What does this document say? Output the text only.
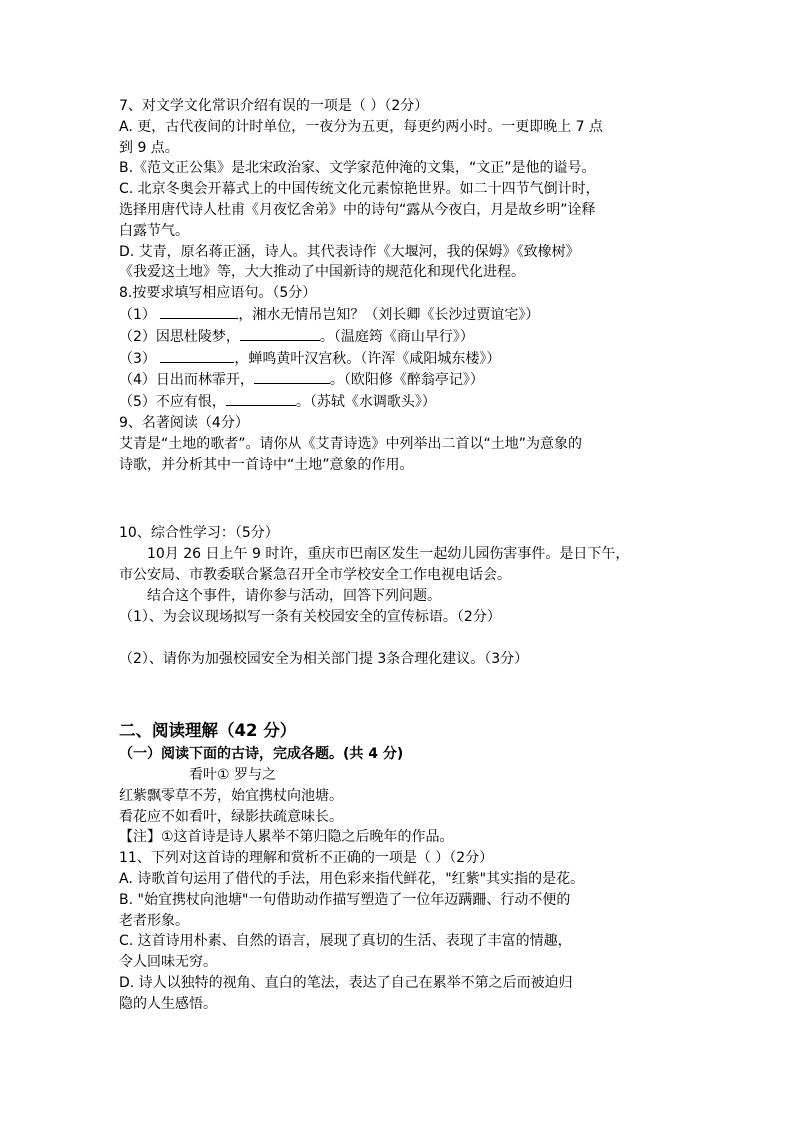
7、对文学文化常识介绍有误的一项是（ ）（2分）
A. 更，古代夜间的计时单位，一夜分为五更，每更约两小时。一更即晚上 7 点
到 9 点。
B.《范文正公集》是北宋政治家、文学家范仲淹的文集，“文正”是他的谥号。
C. 北京冬奥会开幕式上的中国传统文化元素惊艳世界。如二十四节气倒计时，
选择用唐代诗人杜甫《月夜忆舍弟》中的诗句“露从今夜白，月是故乡明”诠释
白露节气。
D. 艾青，原名蒋正涵，诗人。其代表诗作《大堰河，我的保姆》《致橡树》
《我爱这土地》等，大大推动了中国新诗的规范化和现代化进程。
8.按要求填写相应语句。（5分）
（1）	，湘水无情吊岂知？（刘长卿《长沙过贾谊宅》）
（2）因思杜陵梦，	。（温庭筠《商山早行》）
（3）	，蝉鸣黄叶汉宫秋。（许浑《咸阳城东楼》）
（4）日出而林霏开，	。（欧阳修《醉翁亭记》）
（5）不应有恨，	。（苏轼《水调歌头》）
9、名著阅读（4分）
艾青是“土地的歌者”。请你从《艾青诗选》中列举出二首以“土地”为意象的
诗歌，并分析其中一首诗中“土地”意象的作用。
10、综合性学习：（5分）
10月 26 日上午 9 时许，重庆市巴南区发生一起幼儿园伤害事件。是日下午，
市公安局、市教委联合紧急召开全市学校安全工作电视电话会。
结合这个事件，请你参与活动，回答下列问题。
（1）、为会议现场拟写一条有关校园安全的宣传标语。（2分）
（2）、请你为加强校园安全为相关部门提 3条合理化建议。（3分）
二、阅读理解（42 分）
（一）阅读下面的古诗，完成各题。(共 4 分)
看叶① 罗与之
红紫飘零草不芳，始宜携杖向池塘。
看花应不如看叶，绿影扶疏意味长。
【注】①这首诗是诗人累举不第归隐之后晚年的作品。
11、下列对这首诗的理解和赏析不正确的一项是（ ）（2分）
A. 诗歌首句运用了借代的手法，用色彩来指代鲜花，"红紫"其实指的是花。
B. "始宜携杖向池塘"一句借助动作描写塑造了一位年迈蹒跚、行动不便的
老者形象。
C. 这首诗用朴素、自然的语言，展现了真切的生活、表现了丰富的情趣，
令人回味无穷。
D. 诗人以独特的视角、直白的笔法，表达了自己在累举不第之后而被迫归
隐的人生感悟。
